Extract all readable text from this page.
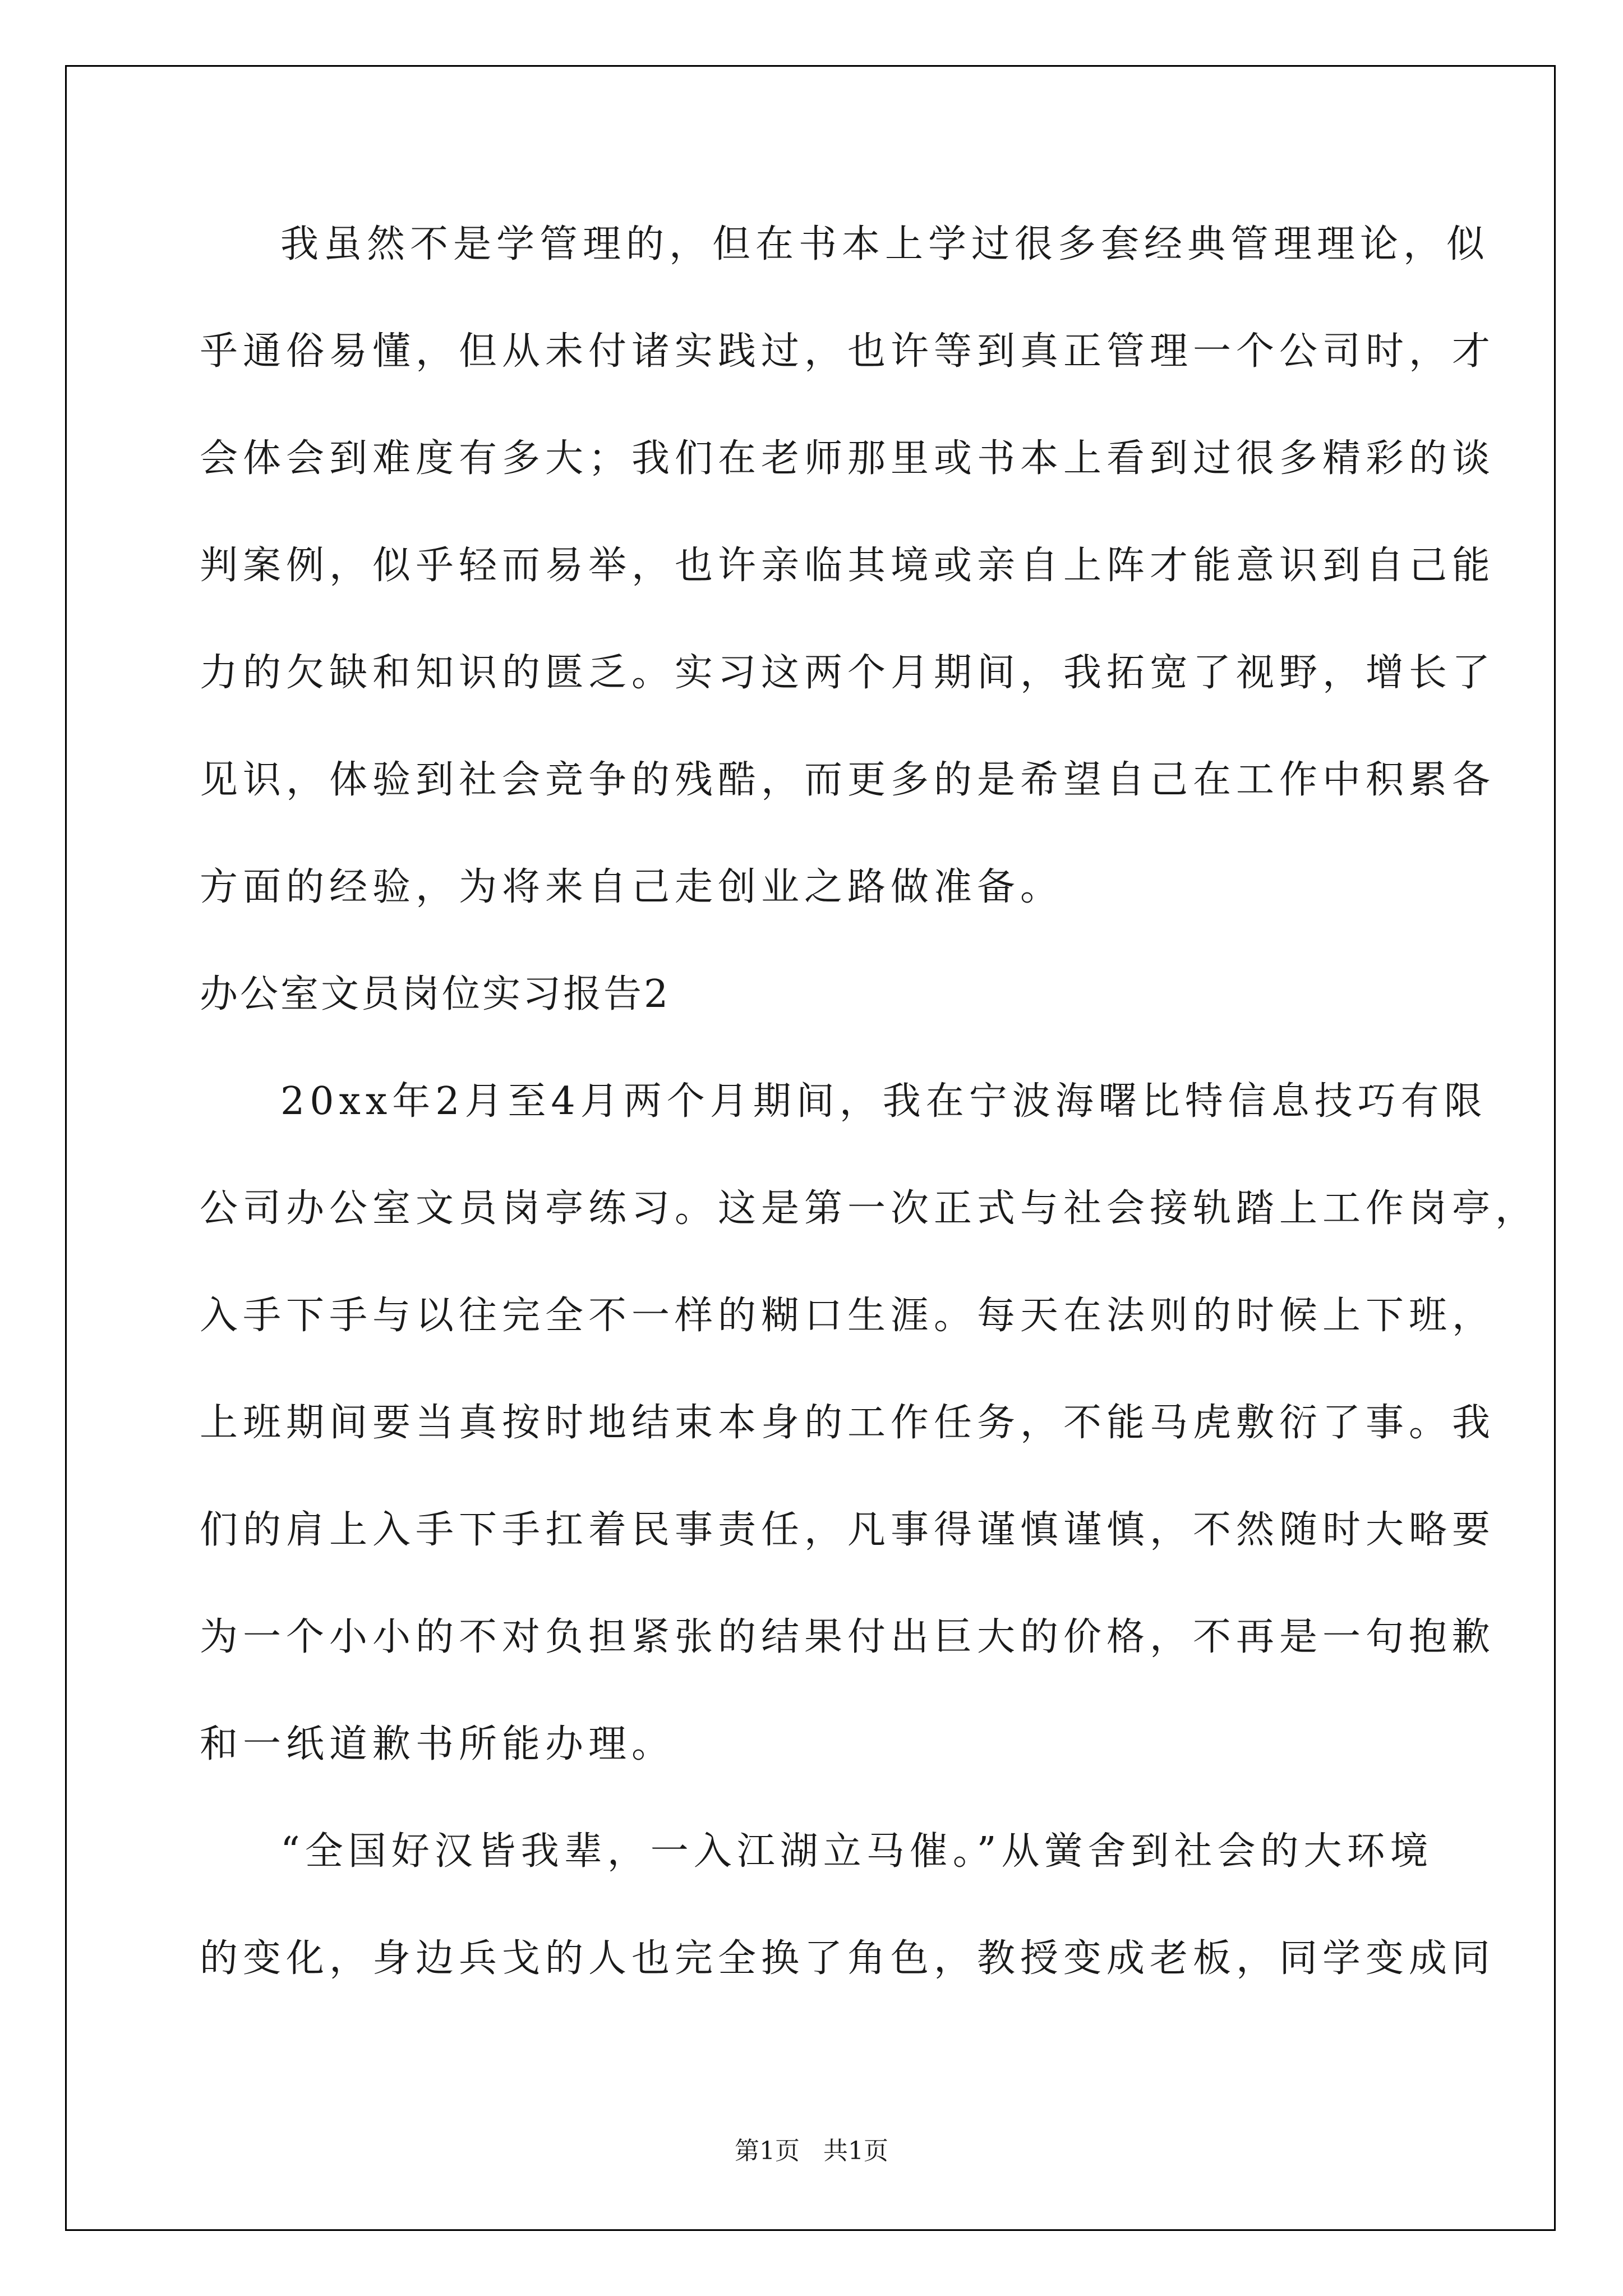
我虽然不是学管理的，但在书本上学过很多套经典管理理论，似

乎通俗易懂，但从未付诸实践过，也许等到真正管理一个公司时，才

会体会到难度有多大；我们在老师那里或书本上看到过很多精彩的谈

判案例，似乎轻而易举，也许亲临其境或亲自上阵才能意识到自己能

力的欠缺和知识的匮乏。实习这两个月期间，我拓宽了视野，增长了

见识，体验到社会竞争的残酷，而更多的是希望自己在工作中积累各

方面的经验，为将来自己走创业之路做准备。

办公室文员岗位实习报告2

20xx年2月至4月两个月期间，我在宁波海曙比特信息技巧有限

公司办公室文员岗亭练习。这是第一次正式与社会接轨踏上工作岗亭，

入手下手与以往完全不一样的糊口生涯。每天在法则的时候上下班，

上班期间要当真按时地结束本身的工作任务，不能马虎敷衍了事。我

们的肩上入手下手扛着民事责任，凡事得谨慎谨慎，不然随时大略要

为一个小小的不对负担紧张的结果付出巨大的价格，不再是一句抱歉

和一纸道歉书所能办理。

“全国好汉皆我辈，一入江湖立马催。”从黉舍到社会的大环境

的变化，身边兵戈的人也完全换了角色，教授变成老板，同学变成同

第1页 共1页
